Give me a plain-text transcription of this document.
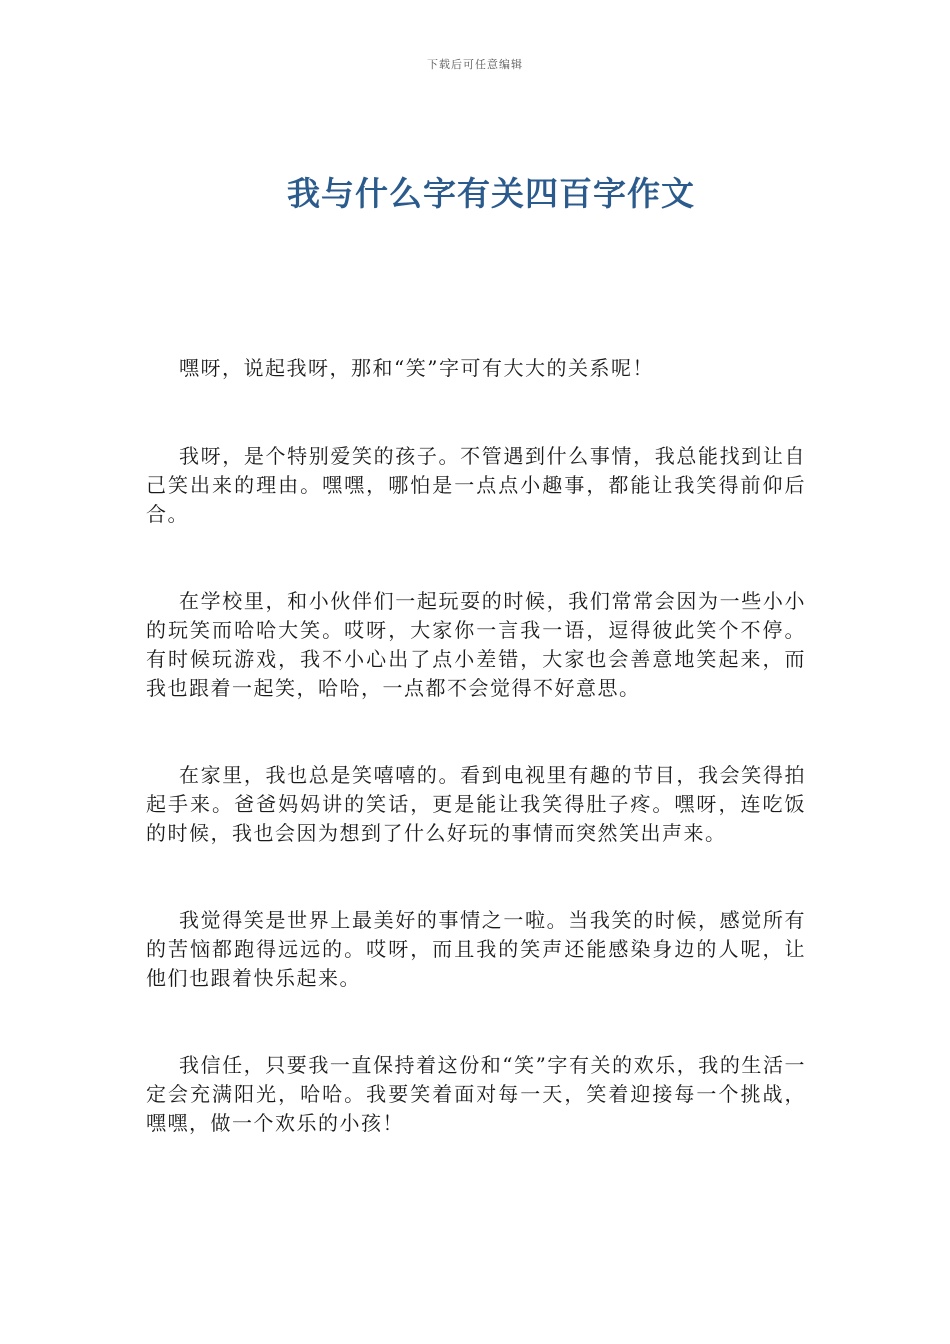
下载后可任意编辑
我与什么字有关四百字作文

嘿呀，说起我呀，那和“笑”字可有大大的关系呢！

我呀，是个特别爱笑的孩子。不管遇到什么事情，我总能找到让自己笑出来的理由。嘿嘿，哪怕是一点点小趣事，都能让我笑得前仰后合。

在学校里，和小伙伴们一起玩耍的时候，我们常常会因为一些小小的玩笑而哈哈大笑。哎呀，大家你一言我一语，逗得彼此笑个不停。有时候玩游戏，我不小心出了点小差错，大家也会善意地笑起来，而我也跟着一起笑，哈哈，一点都不会觉得不好意思。

在家里，我也总是笑嘻嘻的。看到电视里有趣的节目，我会笑得拍起手来。爸爸妈妈讲的笑话，更是能让我笑得肚子疼。嘿呀，连吃饭的时候，我也会因为想到了什么好玩的事情而突然笑出声来。

我觉得笑是世界上最美好的事情之一啦。当我笑的时候，感觉所有的苦恼都跑得远远的。哎呀，而且我的笑声还能感染身边的人呢，让他们也跟着快乐起来。

我信任，只要我一直保持着这份和“笑”字有关的欢乐，我的生活一定会充满阳光，哈哈。我要笑着面对每一天，笑着迎接每一个挑战，嘿嘿，做一个欢乐的小孩！
